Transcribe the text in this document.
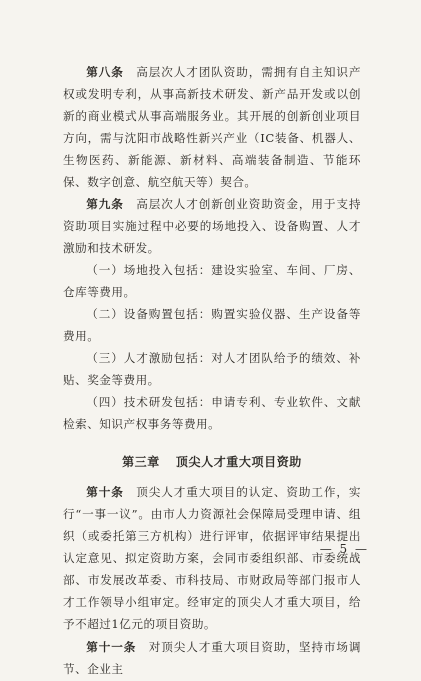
第八条　 高层次人才团队资助，需拥有自主知识产权或发明专利，从事高新技术研发、新产品开发或以创新的商业模式从事高端服务业。其开展的创新创业项目方向，需与沈阳市战略性新兴产业（IC装备、机器人、生物医药、新能源、新材料、高端装备制造、节能环保、数字创意、航空航天等）契合。

第九条　 高层次人才创新创业资助资金，用于支持资助项目实施过程中必要的场地投入、设备购置、人才激励和技术研发。

（一）场地投入包括：建设实验室、车间、厂房、仓库等费用。

（二）设备购置包括：购置实验仪器、生产设备等费用。

（三）人才激励包括：对人才团队给予的绩效、补贴、奖金等费用。

（四）技术研发包括：申请专利、专业软件、文献检索、知识产权事务等费用。

第三章 顶尖人才重大项目资助

第十条　 顶尖人才重大项目的认定、资助工作，实行“一事一议”。由市人力资源社会保障局受理申请、组织（或委托第三方机构）进行评审，依据评审结果提出认定意见、拟定资助方案，会同市委组织部、市委统战部、市发展改革委、市科技局、市财政局等部门报市人才工作领导小组审定。经审定的顶尖人才重大项目，给予不超过1亿元的项目资助。

第十一条　 对顶尖人才重大项目资助，坚持市场调节、企业主

— 5 —
